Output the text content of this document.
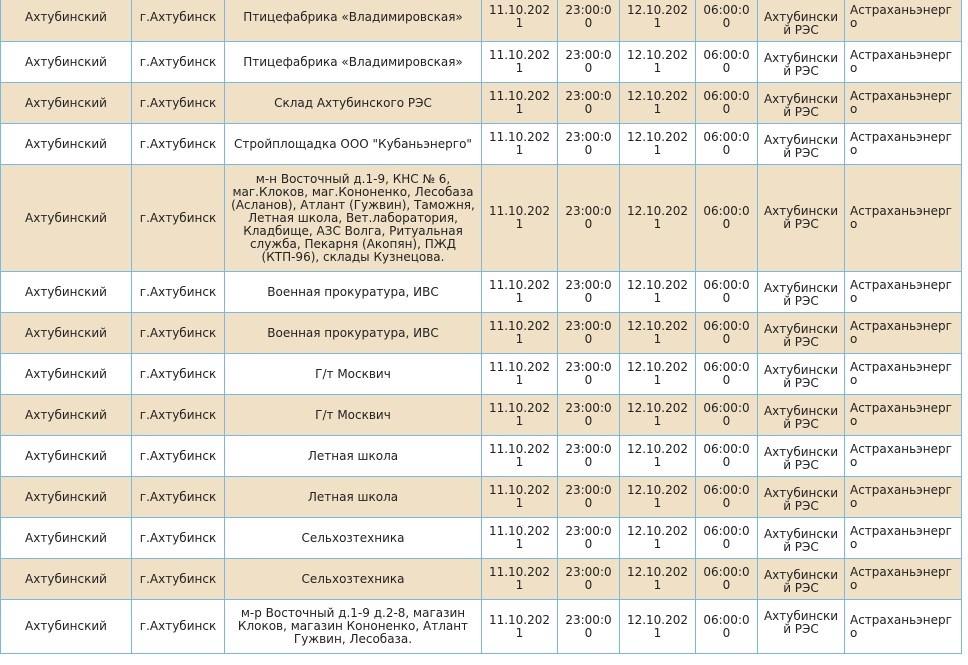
Ахтубинский	г.Ахтубинск	Птицефабрика «Владимировская»	11.10.2021	23:00:00	12.10.2021	06:00:00	Ахтубинский РЭС	Астраханьэнерго
Ахтубинский	г.Ахтубинск	Птицефабрика «Владимировская»	11.10.2021	23:00:00	12.10.2021	06:00:00	Ахтубинский РЭС	Астраханьэнерго
Ахтубинский	г.Ахтубинск	Склад Ахтубинского РЭС	11.10.2021	23:00:00	12.10.2021	06:00:00	Ахтубинский РЭС	Астраханьэнерго
Ахтубинский	г.Ахтубинск	Стройплощадка ООО "Кубаньэнерго"	11.10.2021	23:00:00	12.10.2021	06:00:00	Ахтубинский РЭС	Астраханьэнерго
Ахтубинский	г.Ахтубинск	м-н Восточный д.1-9, КНС № 6, маг.Клоков, маг.Кононенко, Лесобаза (Асланов), Атлант (Гужвин), Таможня, Летная школа, Вет.лаборатория, Кладбище, АЗС Волга, Ритуальная служба, Пекарня (Акопян), ПЖД (КТП-96), склады Кузнецова.	11.10.2021	23:00:00	12.10.2021	06:00:00	Ахтубинский РЭС	Астраханьэнерго
Ахтубинский	г.Ахтубинск	Военная прокуратура, ИВС	11.10.2021	23:00:00	12.10.2021	06:00:00	Ахтубинский РЭС	Астраханьэнерго
Ахтубинский	г.Ахтубинск	Военная прокуратура, ИВС	11.10.2021	23:00:00	12.10.2021	06:00:00	Ахтубинский РЭС	Астраханьэнерго
Ахтубинский	г.Ахтубинск	Г/т Москвич	11.10.2021	23:00:00	12.10.2021	06:00:00	Ахтубинский РЭС	Астраханьэнерго
Ахтубинский	г.Ахтубинск	Г/т Москвич	11.10.2021	23:00:00	12.10.2021	06:00:00	Ахтубинский РЭС	Астраханьэнерго
Ахтубинский	г.Ахтубинск	Летная школа	11.10.2021	23:00:00	12.10.2021	06:00:00	Ахтубинский РЭС	Астраханьэнерго
Ахтубинский	г.Ахтубинск	Летная школа	11.10.2021	23:00:00	12.10.2021	06:00:00	Ахтубинский РЭС	Астраханьэнерго
Ахтубинский	г.Ахтубинск	Сельхозтехника	11.10.2021	23:00:00	12.10.2021	06:00:00	Ахтубинский РЭС	Астраханьэнерго
Ахтубинский	г.Ахтубинск	Сельхозтехника	11.10.2021	23:00:00	12.10.2021	06:00:00	Ахтубинский РЭС	Астраханьэнерго
Ахтубинский	г.Ахтубинск	м-р Восточный д.1-9 д.2-8, магазин Клоков, магазин Кононенко, Атлант Гужвин, Лесобаза.	11.10.2021	23:00:00	12.10.2021	06:00:00	Ахтубинский РЭС	Астраханьэнерго
